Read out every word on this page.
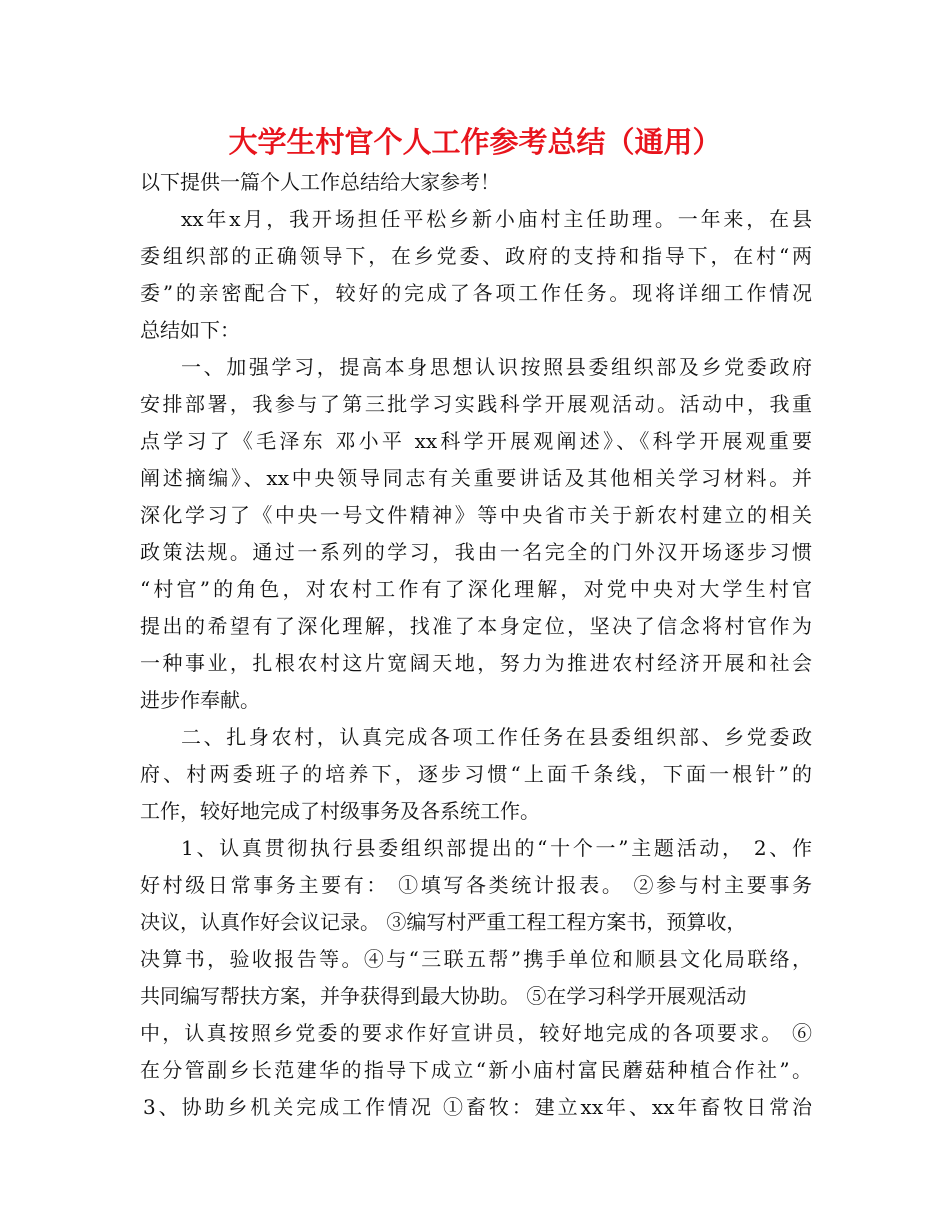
大学生村官个人工作参考总结（通用）
以下提供一篇个人工作总结给大家参考！
xx年x月，我开场担任平松乡新小庙村主任助理。一年来，在县
委组织部的正确领导下，在乡党委、政府的支持和指导下，在村“两
委”的亲密配合下，较好的完成了各项工作任务。现将详细工作情况
总结如下：
一、加强学习，提高本身思想认识按照县委组织部及乡党委政府
安排部署，我参与了第三批学习实践科学开展观活动。活动中，我重
点学习了《毛泽东 邓小平 xx科学开展观阐述》、《科学开展观重要
阐述摘编》、xx中央领导同志有关重要讲话及其他相关学习材料。并
深化学习了《中央一号文件精神》等中央省市关于新农村建立的相关
政策法规。通过一系列的学习，我由一名完全的门外汉开场逐步习惯
“村官”的角色，对农村工作有了深化理解，对党中央对大学生村官
提出的希望有了深化理解，找准了本身定位，坚决了信念将村官作为
一种事业，扎根农村这片宽阔天地，努力为推进农村经济开展和社会
进步作奉献。
二、扎身农村，认真完成各项工作任务在县委组织部、乡党委政
府、村两委班子的培养下，逐步习惯“上面千条线，下面一根针”的
工作，较好地完成了村级事务及各系统工作。
1、认真贯彻执行县委组织部提出的“十个一”主题活动， 2、作
好村级日常事务主要有： ①填写各类统计报表。 ②参与村主要事务
决议，认真作好会议记录。 ③编写村严重工程工程方案书，预算收，
决算书，验收报告等。④与“三联五帮”携手单位和顺县文化局联络，
共同编写帮扶方案，并争获得到最大协助。 ⑤在学习科学开展观活动
中，认真按照乡党委的要求作好宣讲员，较好地完成的各项要求。 ⑥
在分管副乡长范建华的指导下成立“新小庙村富民蘑菇种植合作社”。
3、协助乡机关完成工作情况 ①畜牧：建立xx年、xx年畜牧日常治
